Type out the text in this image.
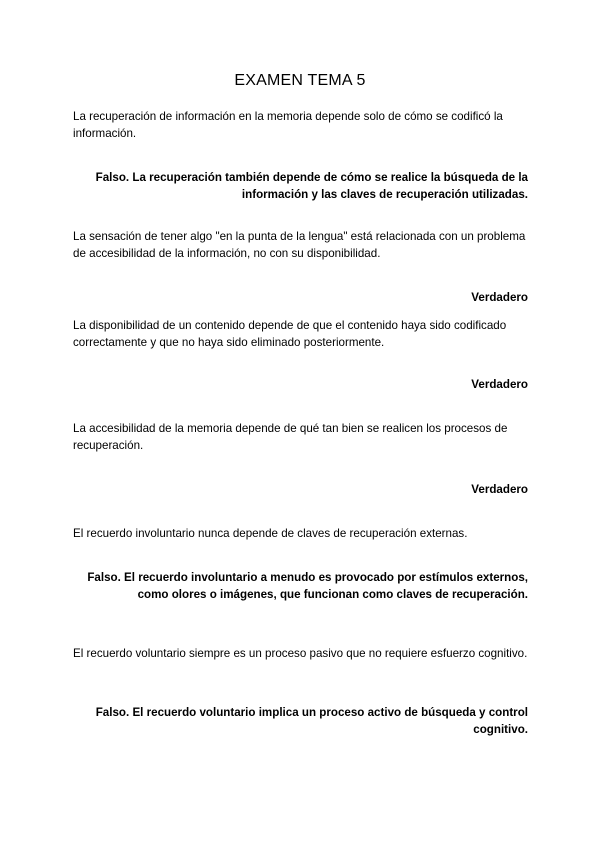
EXAMEN TEMA 5
La recuperación de información en la memoria depende solo de cómo se codificó la información.
Falso. La recuperación también depende de cómo se realice la búsqueda de la información y las claves de recuperación utilizadas.
La sensación de tener algo "en la punta de la lengua" está relacionada con un problema de accesibilidad de la información, no con su disponibilidad.
Verdadero
La disponibilidad de un contenido depende de que el contenido haya sido codificado correctamente y que no haya sido eliminado posteriormente.
Verdadero
La accesibilidad de la memoria depende de qué tan bien se realicen los procesos de recuperación.
Verdadero
El recuerdo involuntario nunca depende de claves de recuperación externas.
Falso. El recuerdo involuntario a menudo es provocado por estímulos externos, como olores o imágenes, que funcionan como claves de recuperación.
El recuerdo voluntario siempre es un proceso pasivo que no requiere esfuerzo cognitivo.
Falso. El recuerdo voluntario implica un proceso activo de búsqueda y control cognitivo.
